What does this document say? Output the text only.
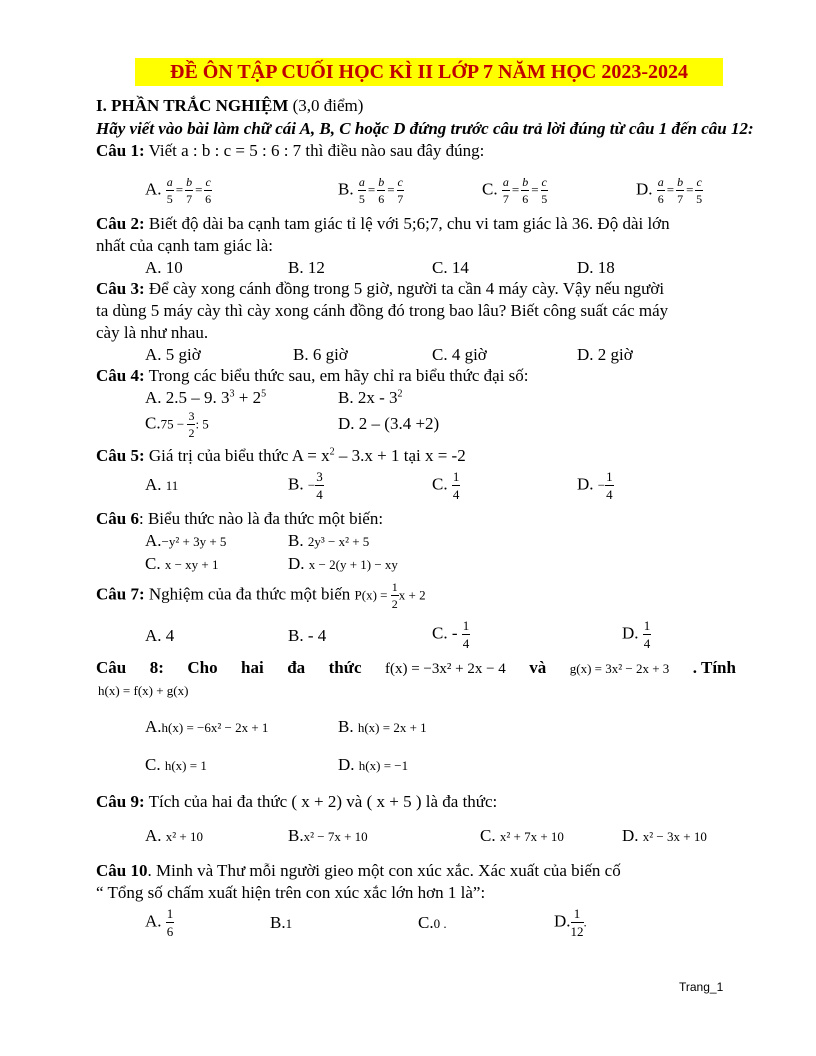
ĐỀ ÔN TẬP CUỐI HỌC KÌ II LỚP 7 NĂM HỌC 2023-2024
I. PHẦN TRẮC NGHIỆM (3,0 điểm)
Hãy viết vào bài làm chữ cái A, B, C hoặc D đứng trước câu trả lời đúng từ câu 1 đến câu 12:
Câu 1: Viết a : b : c = 5 : 6 : 7 thì điều nào sau đây đúng:
A. $\frac{a}{5} = \frac{b}{7} = \frac{c}{6}$	B. $\frac{a}{5} = \frac{b}{6} = \frac{c}{7}$	C. $\frac{a}{7} = \frac{b}{6} = \frac{c}{5}$	D. $\frac{a}{6} = \frac{b}{7} = \frac{c}{5}$
Câu 2: Biết độ dài ba cạnh tam giác tỉ lệ với 5;6;7, chu vi tam giác là 36. Độ dài lớn
nhất của cạnh tam giác là:
A. 10	B. 12	C. 14	D. 18
Câu 3: Để cày xong cánh đồng trong 5 giờ, người ta cần 4 máy cày. Vậy nếu người
ta dùng 5 máy cày thì cày xong cánh đồng đó trong bao lâu? Biết công suất các máy
cày là như nhau.
A. 5 giờ	B. 6 giờ	C. 4 giờ	D. 2 giờ
Câu 4: Trong các biểu thức sau, em hãy chỉ ra biểu thức đại số:
A. 2.5 – 9. $3^3 + 2^5$	B. $2x - 3^2$
$C.75 - \frac{3}{2}$ : 5	D. 2 – (3.4 +2)
Câu 5: Giá trị của biểu thức $A = x^2 - 3.x + 1$ tại x = -2
A. 11	B. − $\frac{3}{4}$	C. $\frac{1}{4}$	D. − $\frac{1}{4}$
Câu 6: Biểu thức nào là đa thức một biến:
A.−y² + 3y + 5	B. 2y³ − x² + 5
C. x − xy + 1	D. x − 2(y + 1) − xy
Câu 7: Nghiệm của đa thức một biến $P(x) = \frac{1}{2}$ x + 2
A. 4	B. - 4	C. - $\frac{1}{4}$	D. $\frac{1}{4}$
Câu 8: Cho hai đa thức f(x) = −3x² + 2x − 4 và g(x) = 3x² − 2x + 3 . Tính
h(x) = f(x) + g(x)
A.h(x) = −6x² − 2x + 1	B. h(x) = 2x + 1
C. h(x) = 1	D. h(x) = −1
Câu 9: Tích của hai đa thức ( x + 2) và ( x + 5 ) là đa thức:
A. x² + 10	B.x² − 7x + 10	C. x² + 7x + 10	D. x² − 3x + 10
Câu 10. Minh và Thư mỗi người gieo một con xúc xắc. Xác xuất của biến cố
“ Tổng số chấm xuất hiện trên con xúc xắc lớn hơn 1 là”:
A. $\frac{1}{6}$	B.1	C.0 .	D. $\frac{1}{12}$ .
Trang_1
